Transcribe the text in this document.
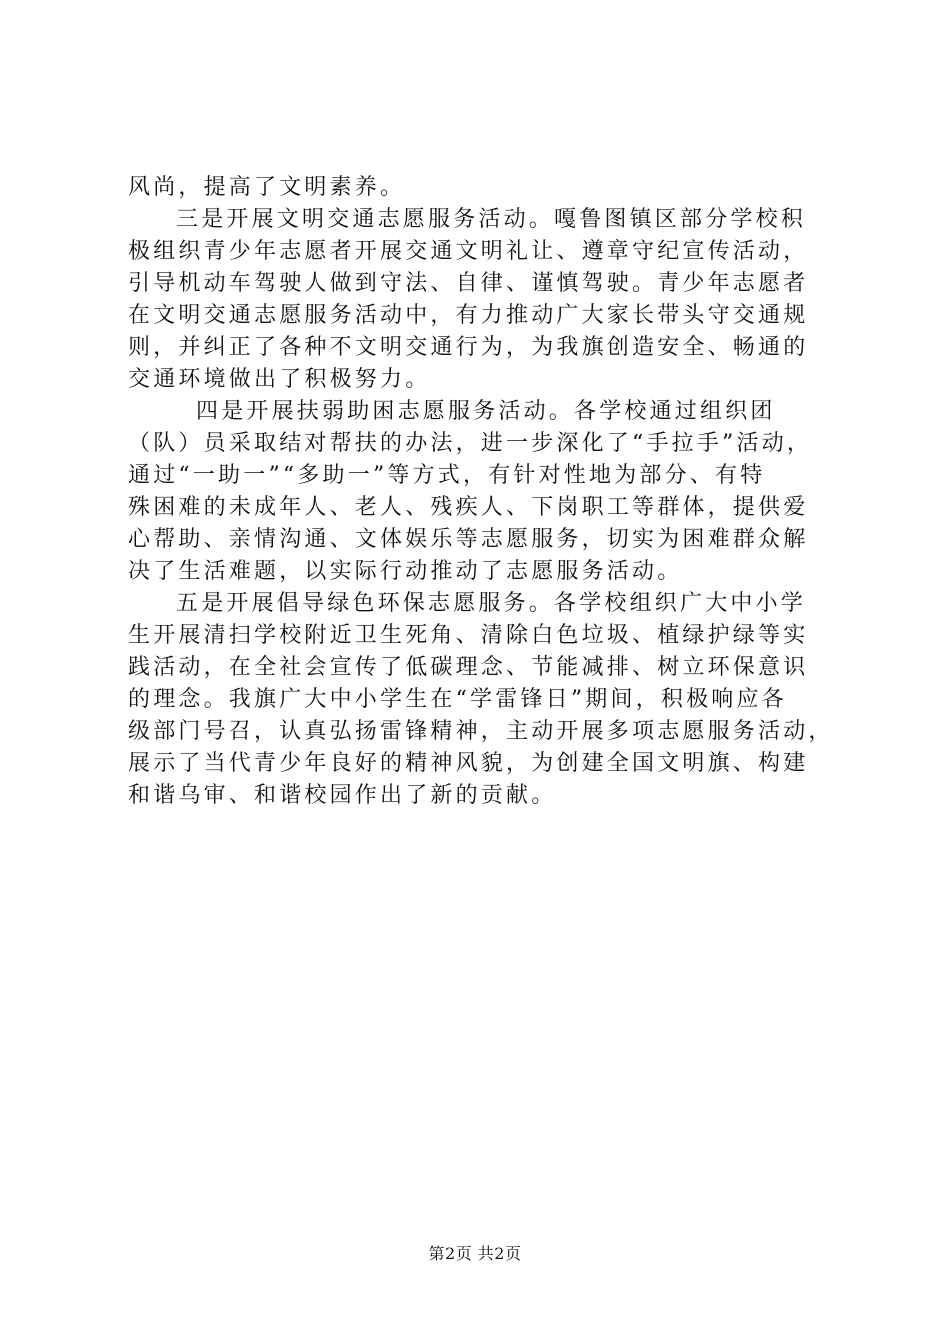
风尚，提高了文明素养。
三是开展文明交通志愿服务活动。嘎鲁图镇区部分学校积
极组织青少年志愿者开展交通文明礼让、遵章守纪宣传活动，
引导机动车驾驶人做到守法、自律、谨慎驾驶。青少年志愿者
在文明交通志愿服务活动中，有力推动广大家长带头守交通规
则，并纠正了各种不文明交通行为，为我旗创造安全、畅通的
交通环境做出了积极努力。
四是开展扶弱助困志愿服务活动。各学校通过组织团
（队）员采取结对帮扶的办法，进一步深化了“手拉手”活动，
通过“一助一”“多助一”等方式，有针对性地为部分、有特
殊困难的未成年人、老人、残疾人、下岗职工等群体，提供爱
心帮助、亲情沟通、文体娱乐等志愿服务，切实为困难群众解
决了生活难题，以实际行动推动了志愿服务活动。
五是开展倡导绿色环保志愿服务。各学校组织广大中小学
生开展清扫学校附近卫生死角、清除白色垃圾、植绿护绿等实
践活动，在全社会宣传了低碳理念、节能减排、树立环保意识
的理念。我旗广大中小学生在“学雷锋日”期间，积极响应各
级部门号召，认真弘扬雷锋精神，主动开展多项志愿服务活动，
展示了当代青少年良好的精神风貌，为创建全国文明旗、构建
和谐乌审、和谐校园作出了新的贡献。
第2页 共2页
